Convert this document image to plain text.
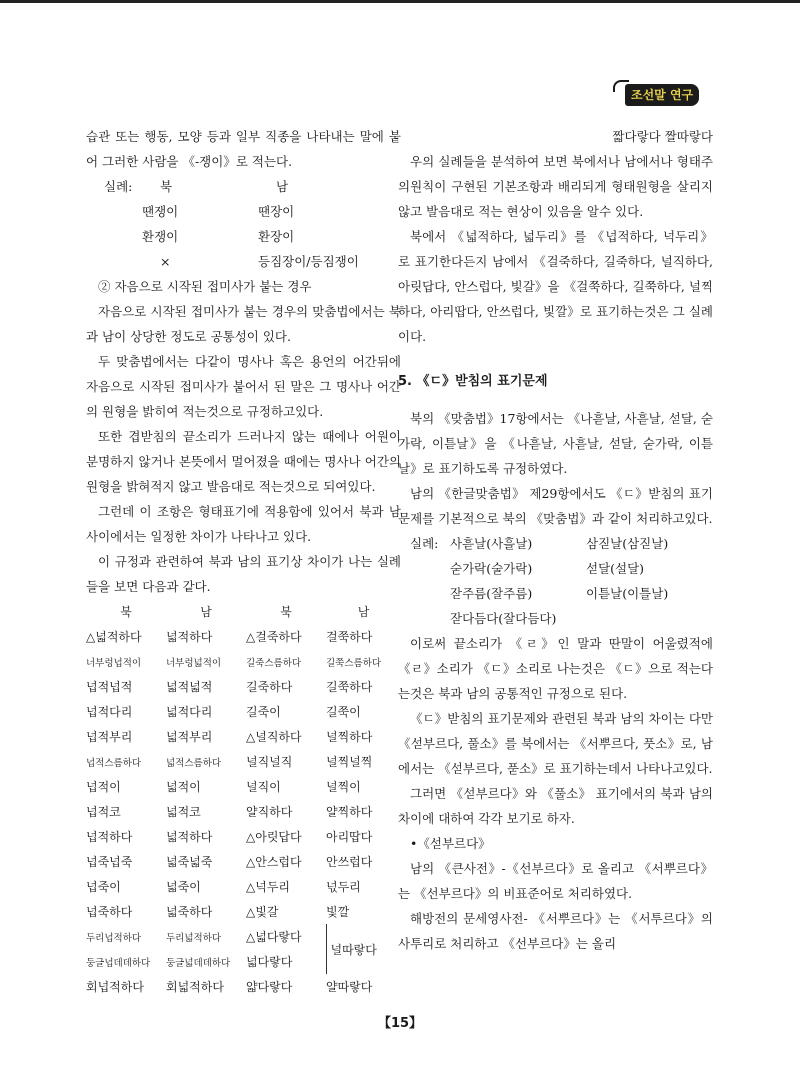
조선말 연구

습관 또는 행동, 모양 등과 일부 직종을 나타내는 말에 붙어 그러한 사람을 《-쟁이》로 적는다.

실례:	북	남
땐쟁이	땐장이
환쟁이	환장이
×	등짐장이/등짐쟁이

② 자음으로 시작된 접미사가 붙는 경우

자음으로 시작된 접미사가 붙는 경우의 맞춤법에서는 북과 남이 상당한 정도로 공통성이 있다.

두 맞춤법에서는 다같이 명사나 혹은 용언의 어간뒤에 자음으로 시작된 접미사가 붙어서 된 말은 그 명사나 어간의 원형을 밝히여 적는것으로 규정하고있다.

또한 겹받침의 끝소리가 드러나지 않는 때에나 어원이 분명하지 않거나 본뜻에서 멀어졌을 때에는 명사나 어간의 원형을 밝혀적지 않고 발음대로 적는것으로 되여있다.

그런데 이 조항은 형태표기에 적용함에 있어서 북과 남사이에서는 일정한 차이가 나타나고 있다.

이 규정과 관련하여 북과 남의 표기상 차이가 나는 실례들을 보면 다음과 같다.

북	남	북	남
△넓적하다	넓적하다	△걸죽하다	걸쭉하다
너부렁넙적이	너부렁넓적이	길죽스름하다	길쭉스름하다
넙적넙적	넓적넓적	길죽하다	길쭉하다
넙적다리	넓적다리	길죽이	길쭉이
넙적부리	넓적부리	△널직하다	널찍하다
넙적스름하다	넓적스름하다	널직널직	널찍널찍
넙적이	넓적이	널직이	널찍이
넙적코	넓적코	얄직하다	얄찍하다
넙적하다	넓적하다	△아릿답다	아리땁다
넙죽넙죽	넓죽넓죽	△안스럽다	안쓰럽다
넙죽이	넓죽이	△넉두리	넋두리
넙죽하다	넓죽하다	△빛갈	빛깔
두리넙적하다	두리넓적하다	△넓다랗다	널따랗다
둥글넙데데하다	둥글넓데데하다	넓다랗다	
회넙적하다	회넓적하다	얇다랗다	얄따랗다

짧다랗다 짤따랗다

우의 실례들을 분석하여 보면 북에서나 남에서나 형태주의원칙이 구현된 기본조항과 배리되게 형태원형을 살리지 않고 발음대로 적는 현상이 있음을 알수 있다.

북에서 《넓적하다, 넓두리》를 《넙적하다, 넉두리》로 표기한다든지 남에서 《걸죽하다, 길죽하다, 널직하다, 아릿답다, 안스럽다, 빛갈》을 《걸쭉하다, 길쭉하다, 널찍하다, 아리땁다, 안쓰럽다, 빛깔》로 표기하는것은 그 실례이다.

5. 《ㄷ》받침의 표기문제

북의 《맞춤법》17항에서는 《나흗날, 사흗날, 섣달, 숟가락, 이튿날》을 《나흗날, 사흗날, 섣달, 숟가락, 이튿날》로 표기하도록 규정하였다.

남의 《한글맞춤법》 제29항에서도 《ㄷ》받침의 표기문제를 기본적으로 북의 《맞춤법》과 같이 처리하고있다.

실례: 사흗날(사흘날)	삼짇날(삼짇날)
숟가락(술가락)	섣달(설달)
잗주름(잘주름)	이튿날(이틀날)
잗다듬다(잘다듬다)

이로써 끝소리가 《ㄹ》인 말과 딴말이 어울렸적에 《ㄹ》소리가 《ㄷ》소리로 나는것은 《ㄷ》으로 적는다는것은 북과 남의 공통적인 규정으로 된다.

《ㄷ》받침의 표기문제와 관련된 북과 남의 차이는 다만 《섣부르다, 풀소》를 북에서는 《서뿌르다, 풋소》로, 남에서는 《섣부르다, 푿소》로 표기하는데서 나타나고있다.

그러면 《섣부르다》와 《풀소》 표기에서의 북과 남의 차이에 대하여 각각 보기로 하자.

•《섣부르다》

남의 《큰사전》-《선부르다》로 올리고 《서뿌르다》는 《선부르다》의 비표준어로 처리하였다.

해방전의 문세영사전- 《서뿌르다》는 《서투르다》의 사투리로 처리하고 《선부르다》는 올리

【15】
